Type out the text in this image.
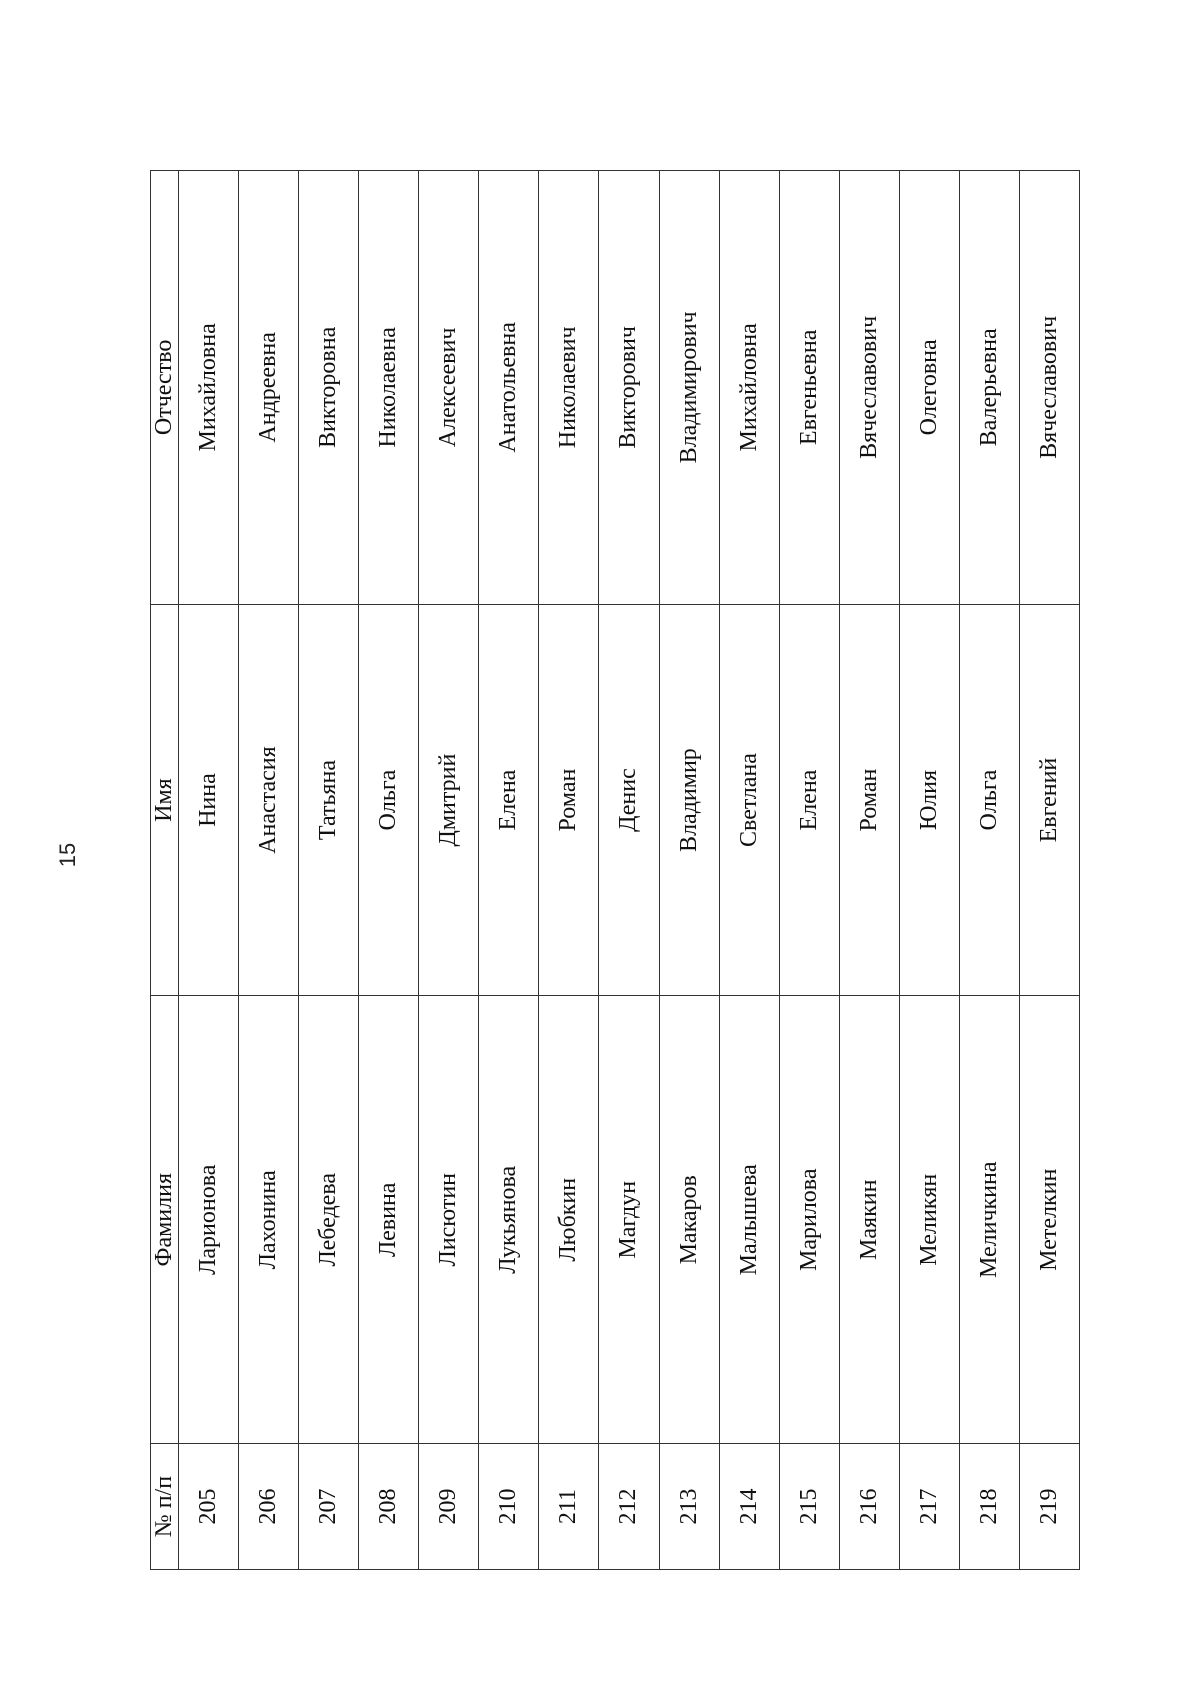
15
№ п/п	Фамилия	Имя	Отчество
205	Ларионова	Нина	Михайловна
206	Лахонина	Анастасия	Андреевна
207	Лебедева	Татьяна	Викторовна
208	Левина	Ольга	Николаевна
209	Лисютин	Дмитрий	Алексеевич
210	Лукьянова	Елена	Анатольевна
211	Любкин	Роман	Николаевич
212	Магдун	Денис	Викторович
213	Макаров	Владимир	Владимирович
214	Малышева	Светлана	Михайловна
215	Марилова	Елена	Евгеньевна
216	Маякин	Роман	Вячеславович
217	Меликян	Юлия	Олеговна
218	Меличкина	Ольга	Валерьевна
219	Метелкин	Евгений	Вячеславович
